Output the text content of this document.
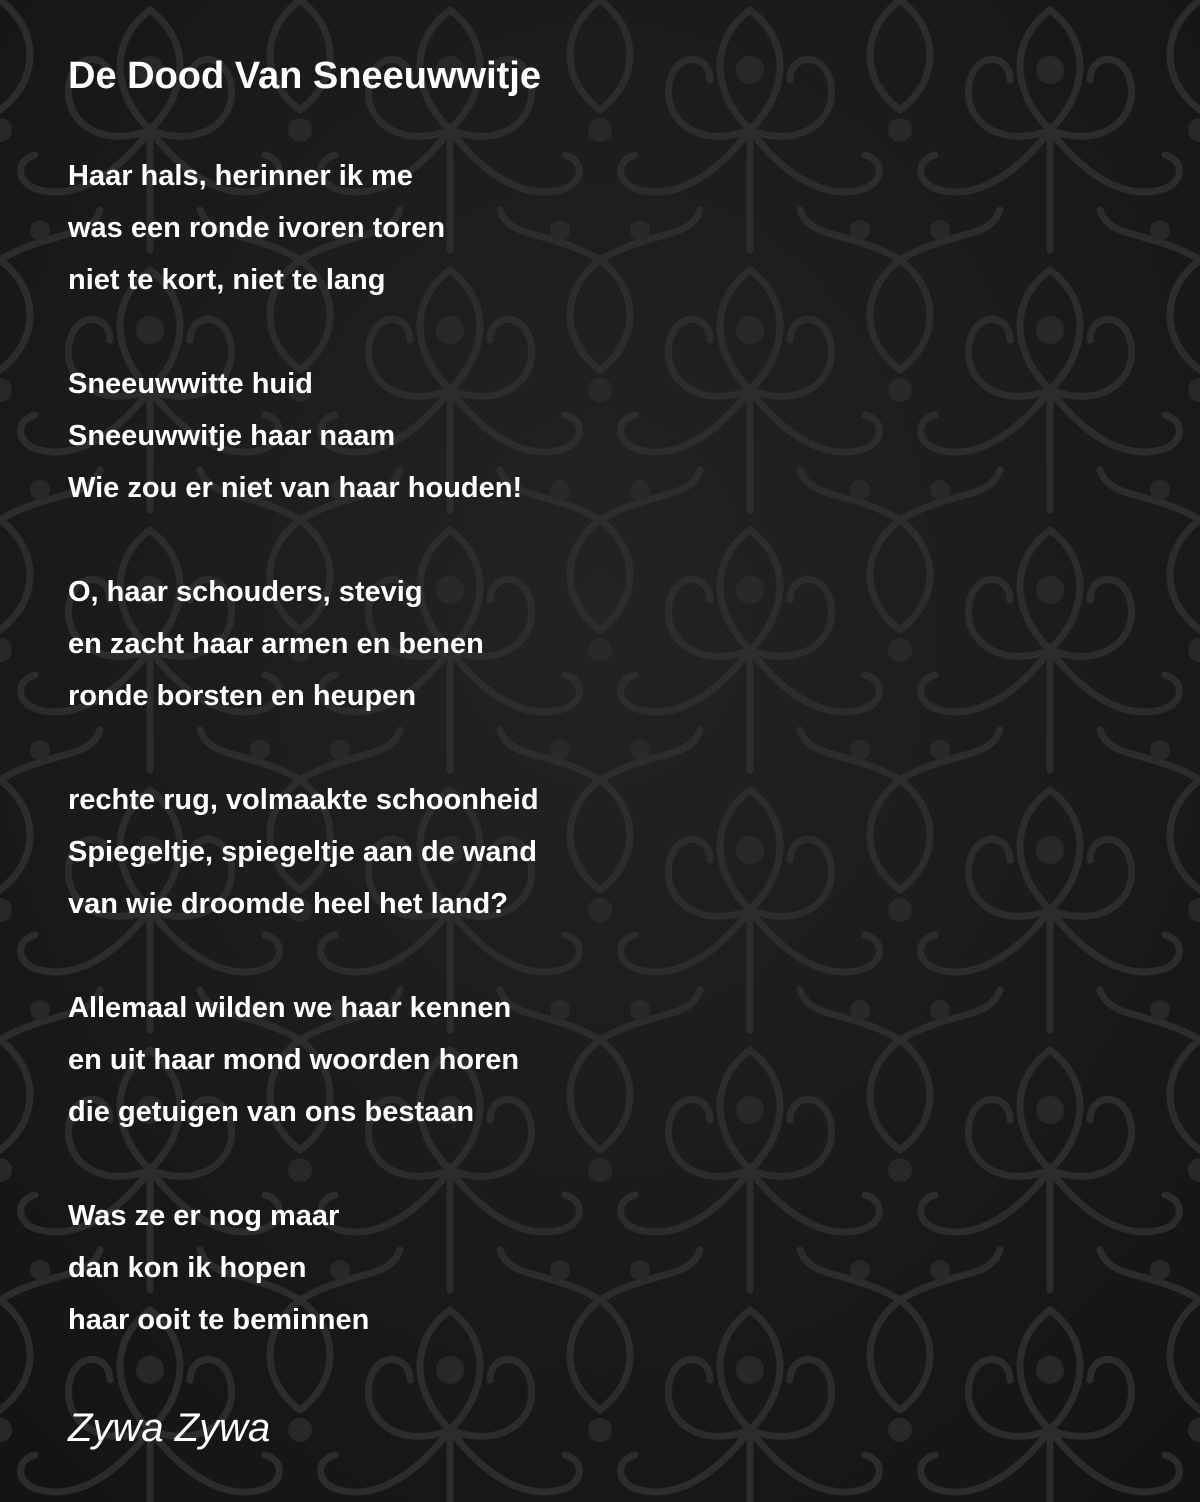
De Dood Van Sneeuwwitje
Haar hals, herinner ik me
was een ronde ivoren toren
niet te kort, niet te lang
Sneeuwwitte huid
Sneeuwwitje haar naam
Wie zou er niet van haar houden!
O, haar schouders, stevig
en zacht haar armen en benen
ronde borsten en heupen
rechte rug, volmaakte schoonheid
Spiegeltje, spiegeltje aan de wand
van wie droomde heel het land?
Allemaal wilden we haar kennen
en uit haar mond woorden horen
die getuigen van ons bestaan
Was ze er nog maar
dan kon ik hopen
haar ooit te beminnen
Zywa Zywa
